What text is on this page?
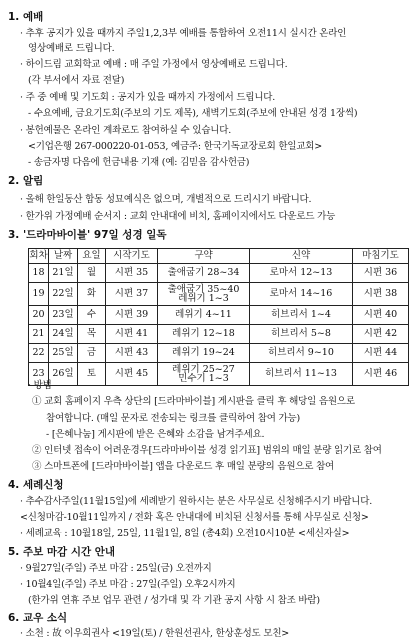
1. 예배
· 추후 공지가 있을 때까지 주일1,2,3부 예배를 통합하여 오전11시 실시간 온라인
영상예배로 드립니다.
· 하이드림 교회학교 예배 : 매 주일 가정에서 영상예배로 드립니다.
(각 부서에서 자료 전달)
· 주 중 예배 및 기도회 : 공지가 있을 때까지 가정에서 드립니다.
- 수요예배, 금요기도회(주보의 기도 제목), 새벽기도회(주보에 안내된 성경 1장씩)
· 봉헌예물은 온라인 계좌로도 참여하실 수 있습니다.
<기업은행 267-000220-01-053, 예금주: 한국기독교장로회 한일교회>
- 송금자명 다음에 헌금내용 기재 (예: 김믿음 감사헌금)
2. 알림
· 올해 한일동산 합동 성묘예식은 없으며, 개별적으로 드리시기 바랍니다.
· 한가위 가정예배 순서지 : 교회 안내대에 비치, 홈페이지에서도 다운로드 가능
3. '드라마바이블' 97일 성경 일독
회차	날짜	요일	시작기도	구약	신약	마침기도
18	21일	월	시편 35	출애굽기 28~34	로마서 12~13	시편 36
19	22일	화	시편 37	출애굽기 35~40
레위기 1~3	로마서 14~16	시편 38
20	23일	수	시편 39	레위기 4~11	히브리서 1~4	시편 40
21	24일	목	시편 41	레위기 12~18	히브리서 5~8	시편 42
22	25일	금	시편 43	레위기 19~24	히브리서 9~10	시편 44
23	26일	토	시편 45	레위기 25~27
민수기 1~3	히브리서 11~13	시편 46
· 방법
① 교회 홈페이지 우측 상단의 [드라마바이블] 게시판을 클릭 후 해당일 음원으로
참여합니다. (매일 문자로 전송되는 링크를 클릭하여 참여 가능)
- [은혜나눔] 게시판에 받은 은혜와 소감을 남겨주세요.
② 인터넷 접속이 어려운경우[드라마바이블 성경 읽기표] 범위의 매일 분량 읽기로 참여
③ 스마트폰에 [드라마바이블] 앱을 다운로드 후 매일 분량의 음원으로 참여
4. 세례신청
· 추수감사주일(11월15일)에 세례받기 원하시는 분은 사무실로 신청해주시기 바랍니다.
<신청마감-10월11일까지 / 전화 혹은 안내대에 비치된 신청서를 통해 사무실로 신청>
· 세례교육 : 10월18일, 25일, 11월1일, 8일 (총4회) 오전10시10분 <세신자실>
5. 주보 마감 시간 안내
· 9월27일(주일) 주보 마감 : 25일(금) 오전까지
· 10월4일(주일) 주보 마감 : 27일(주일) 오후2시까지
(한가위 연휴 주보 업무 관련 / 성가대 및 각 기관 공지 사항 시 참조 바람)
6. 교우 소식
· 소천 : 故 이우희권사 <19일(토) / 한원선권사, 한상훈성도 모친>
